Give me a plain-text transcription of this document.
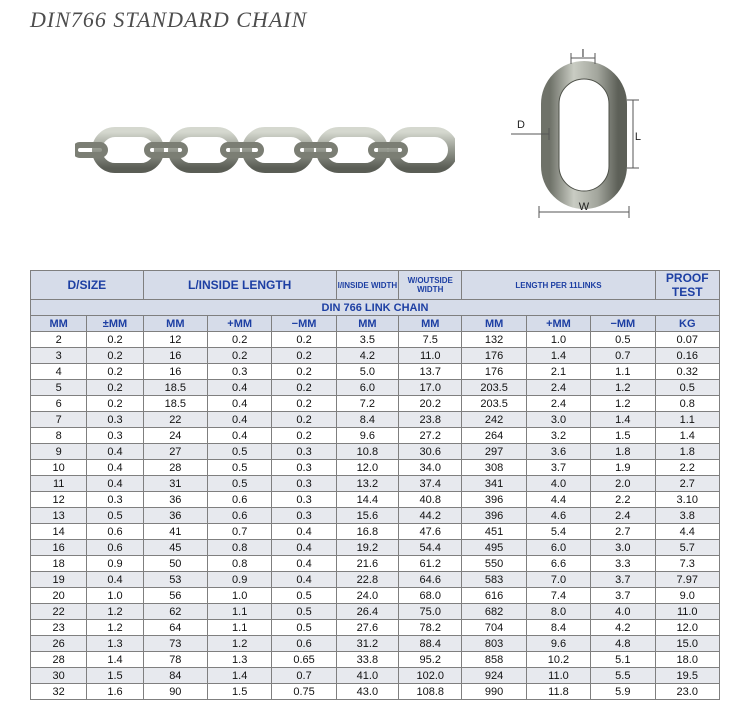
DIN766 STANDARD CHAIN
l
D
L
W
D/SIZE		L/INSIDE LENGTH			l/INSIDE WIDTH	W/OUTSIDE WIDTH	LENGTH PER 11LINKS			PROOF TEST
DIN 766 LINK CHAIN										
MM	±MM	MM	+MM	−MM	MM	MM	MM	+MM	−MM	KG
2	0.2	12	0.2	0.2	3.5	7.5	132	1.0	0.5	0.07
3	0.2	16	0.2	0.2	4.2	11.0	176	1.4	0.7	0.16
4	0.2	16	0.3	0.2	5.0	13.7	176	2.1	1.1	0.32
5	0.2	18.5	0.4	0.2	6.0	17.0	203.5	2.4	1.2	0.5
6	0.2	18.5	0.4	0.2	7.2	20.2	203.5	2.4	1.2	0.8
7	0.3	22	0.4	0.2	8.4	23.8	242	3.0	1.4	1.1
8	0.3	24	0.4	0.2	9.6	27.2	264	3.2	1.5	1.4
9	0.4	27	0.5	0.3	10.8	30.6	297	3.6	1.8	1.8
10	0.4	28	0.5	0.3	12.0	34.0	308	3.7	1.9	2.2
11	0.4	31	0.5	0.3	13.2	37.4	341	4.0	2.0	2.7
12	0.3	36	0.6	0.3	14.4	40.8	396	4.4	2.2	3.10
13	0.5	36	0.6	0.3	15.6	44.2	396	4.6	2.4	3.8
14	0.6	41	0.7	0.4	16.8	47.6	451	5.4	2.7	4.4
16	0.6	45	0.8	0.4	19.2	54.4	495	6.0	3.0	5.7
18	0.9	50	0.8	0.4	21.6	61.2	550	6.6	3.3	7.3
19	0.4	53	0.9	0.4	22.8	64.6	583	7.0	3.7	7.97
20	1.0	56	1.0	0.5	24.0	68.0	616	7.4	3.7	9.0
22	1.2	62	1.1	0.5	26.4	75.0	682	8.0	4.0	11.0
23	1.2	64	1.1	0.5	27.6	78.2	704	8.4	4.2	12.0
26	1.3	73	1.2	0.6	31.2	88.4	803	9.6	4.8	15.0
28	1.4	78	1.3	0.65	33.8	95.2	858	10.2	5.1	18.0
30	1.5	84	1.4	0.7	41.0	102.0	924	11.0	5.5	19.5
32	1.6	90	1.5	0.75	43.0	108.8	990	11.8	5.9	23.0
